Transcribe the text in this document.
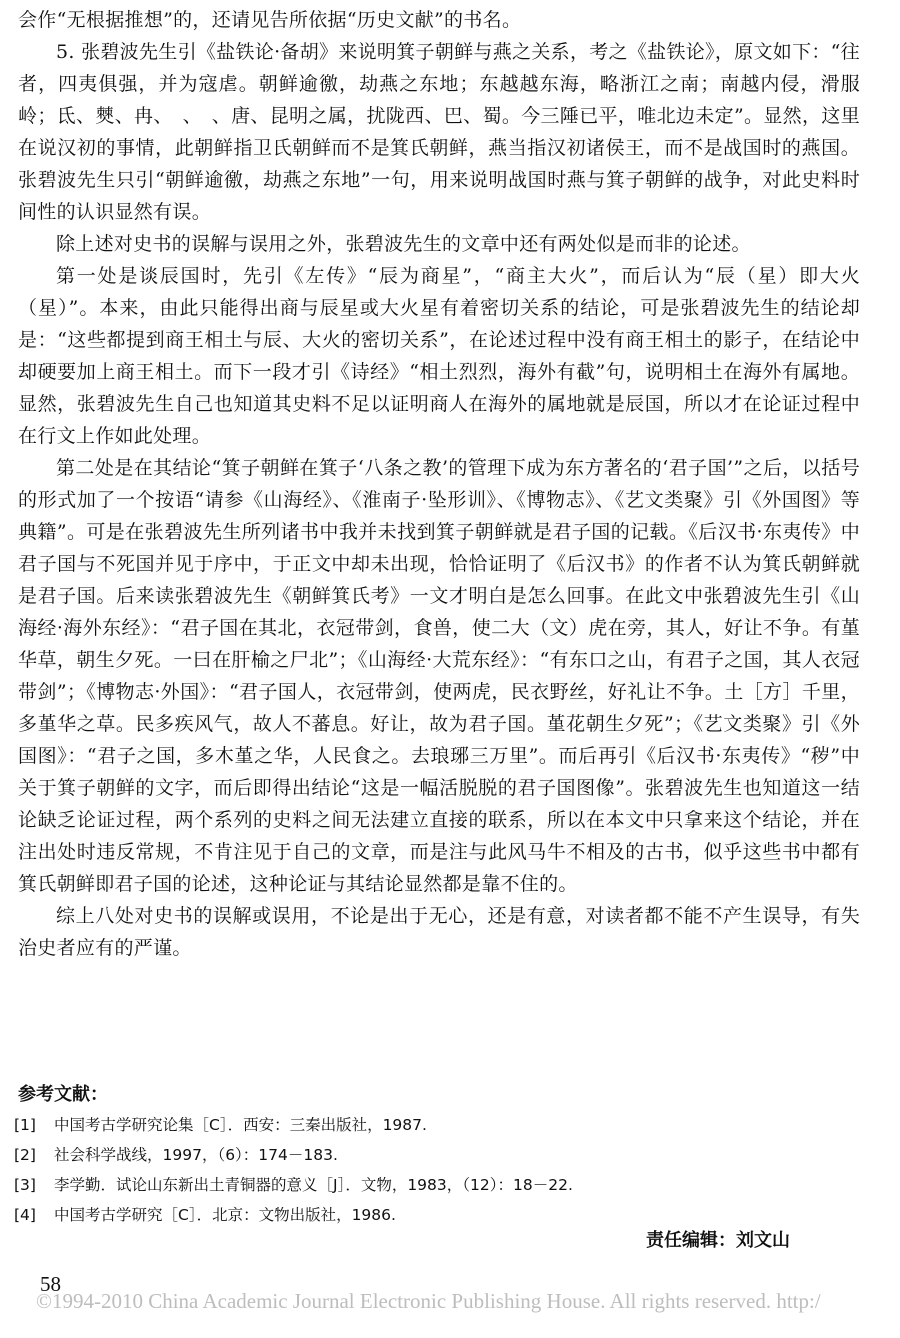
会作“无根据推想”的，还请见告所依据“历史文献”的书名。

5. 张碧波先生引《盐铁论·备胡》来说明箕子朝鲜与燕之关系，考之《盐铁论》，原文如下：“往者，四夷俱强，并为寇虐。朝鲜逾徼，劫燕之东地；东越越东海，略浙江之南；南越内侵，滑服岭；氐、僰、冉、　、　、唐、昆明之属，扰陇西、巴、蜀。今三陲已平，唯北边未定”。显然，这里在说汉初的事情，此朝鲜指卫氏朝鲜而不是箕氏朝鲜，燕当指汉初诸侯王，而不是战国时的燕国。张碧波先生只引“朝鲜逾徼，劫燕之东地”一句，用来说明战国时燕与箕子朝鲜的战争，对此史料时间性的认识显然有误。

除上述对史书的误解与误用之外，张碧波先生的文章中还有两处似是而非的论述。

第一处是谈辰国时，先引《左传》“辰为商星”，“商主大火”，而后认为“辰（星）即大火（星）”。本来，由此只能得出商与辰星或大火星有着密切关系的结论，可是张碧波先生的结论却是：“这些都提到商王相土与辰、大火的密切关系”，在论述过程中没有商王相土的影子，在结论中却硬要加上商王相土。而下一段才引《诗经》“相土烈烈，海外有截”句，说明相土在海外有属地。显然，张碧波先生自己也知道其史料不足以证明商人在海外的属地就是辰国，所以才在论证过程中在行文上作如此处理。

第二处是在其结论“箕子朝鲜在箕子‘八条之教’的管理下成为东方著名的‘君子国’”之后，以括号的形式加了一个按语“请参《山海经》、《淮南子·坠形训》、《博物志》、《艺文类聚》引《外国图》等典籍”。可是在张碧波先生所列诸书中我并未找到箕子朝鲜就是君子国的记载。《后汉书·东夷传》中君子国与不死国并见于序中，于正文中却未出现，恰恰证明了《后汉书》的作者不认为箕氏朝鲜就是君子国。后来读张碧波先生《朝鲜箕氏考》一文才明白是怎么回事。在此文中张碧波先生引《山海经·海外东经》：“君子国在其北，衣冠带剑，食兽，使二大（文）虎在旁，其人，好让不争。有堇华草，朝生夕死。一曰在肝榆之尸北”；《山海经·大荒东经》：“有东口之山，有君子之国，其人衣冠带剑”；《博物志·外国》：“君子国人，衣冠带剑，使两虎，民衣野丝，好礼让不争。土［方］千里，多堇华之草。民多疾风气，故人不蕃息。好让，故为君子国。堇花朝生夕死”；《艺文类聚》引《外国图》：“君子之国，多木堇之华，人民食之。去琅琊三万里”。而后再引《后汉书·东夷传》“秽”中关于箕子朝鲜的文字，而后即得出结论“这是一幅活脱脱的君子国图像”。张碧波先生也知道这一结论缺乏论证过程，两个系列的史料之间无法建立直接的联系，所以在本文中只拿来这个结论，并在注出处时违反常规，不肯注见于自己的文章，而是注与此风马牛不相及的古书，似乎这些书中都有箕氏朝鲜即君子国的论述，这种论证与其结论显然都是靠不住的。

综上八处对史书的误解或误用，不论是出于无心，还是有意，对读者都不能不产生误导，有失治史者应有的严谨。

参考文献：
[1] 中国考古学研究论集［C］．西安：三秦出版社，1987.
[2] 社会科学战线，1997，（6）：174－183.
[3] 李学勤．试论山东新出土青铜器的意义［J］．文物，1983，（12）：18－22.
[4] 中国考古学研究［C］．北京：文物出版社，1986.
责任编辑：刘文山
58
©1994-2010 China Academic Journal Electronic Publishing House. All rights reserved. http:/
